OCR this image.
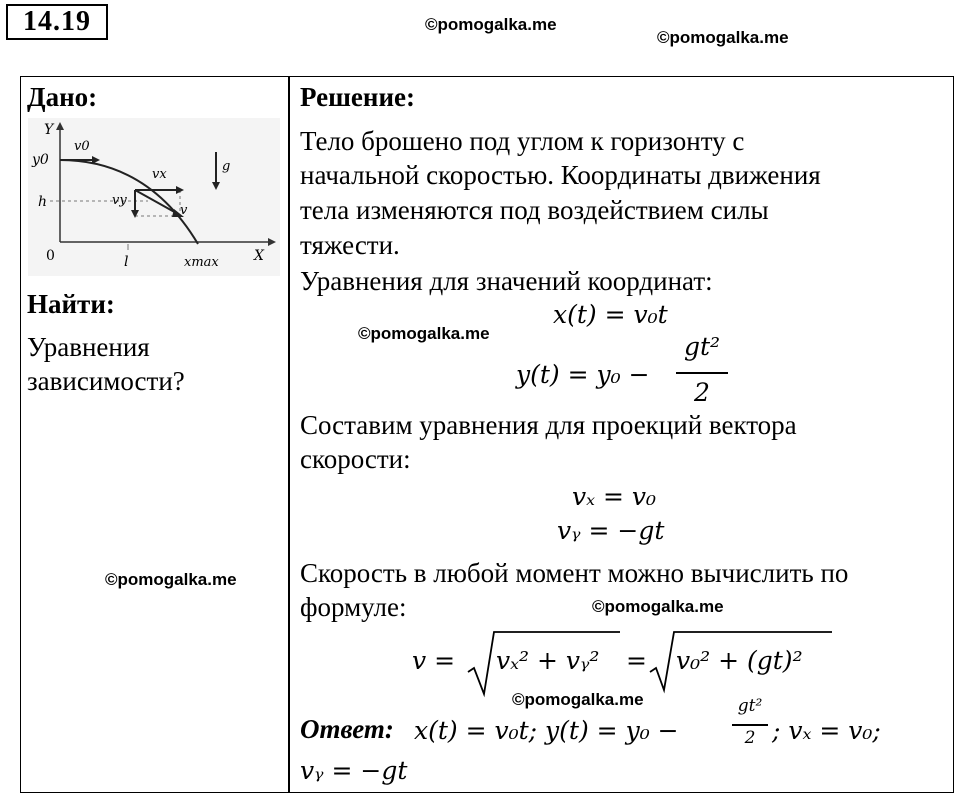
14.19	©pomogalka.me
©pomogalka.me
Дано:
Y
X
0
y0
h
l	xmax
v0
vx
vy
v
g
Найти:
Уравнения
зависимости?
©pomogalka.me
Решение:
Тело брошено под углом к горизонту с
начальной скоростью. Координаты движения
тела изменяются под воздействием силы
тяжести.
Уравнения для значений координат:
x(t) = v₀t
©pomogalka.me
y(t) = y₀ −
gt²
2
Составим уравнения для проекций вектора
скорости:
vₓ = v₀
vᵧ = −gt
Скорость в любой момент можно вычислить по
формуле:	©pomogalka.me
v = vₓ² + vᵧ² = v₀² + (gt)²
©pomogalka.me
Ответ: x(t) = v₀t; y(t) = y₀ −
gt²
2 ; vₓ = v₀;
vᵧ = −gt
